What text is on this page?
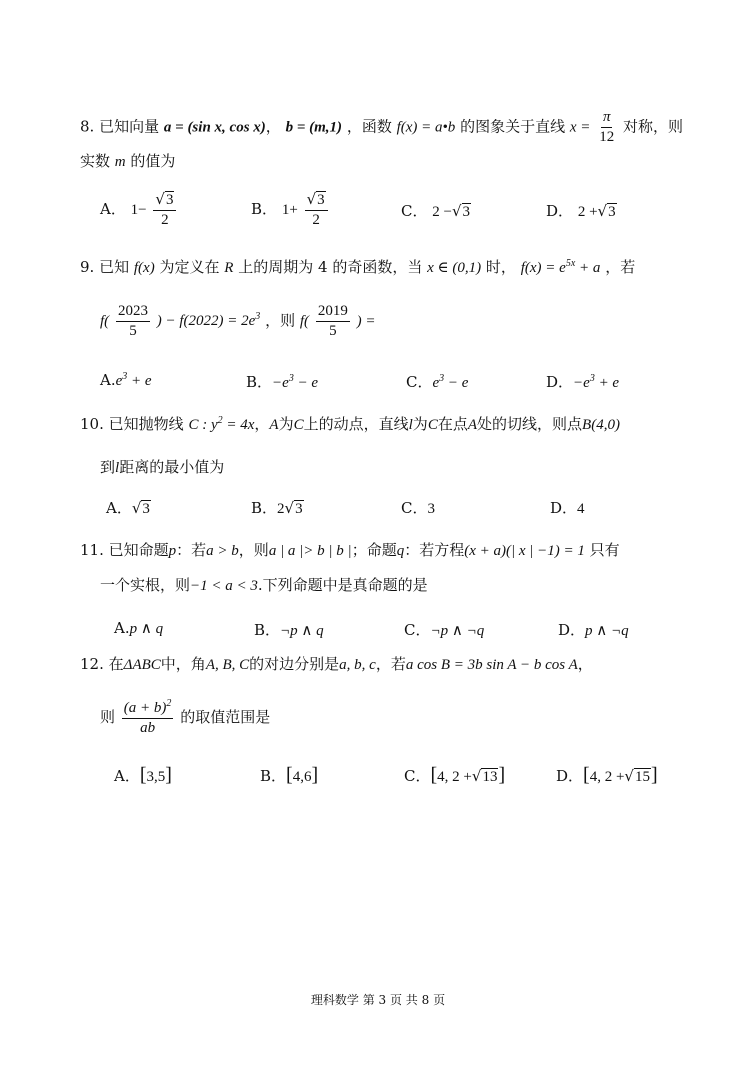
8. 已知向量 a = (sin x, cos x)， b = (m,1) ，函数 f(x) = a•b 的图象关于直线 $x = \frac{\pi}{12}$ 对称，则
实数 m 的值为
A． $1- \frac{√3}{2}$	B． $1+ \frac{√3}{2}$	C． 2 −√3	D． 2 +√3
9. 已知 f(x) 为定义在 R 上的周期为 4 的奇函数，当 x ∈ (0,1) 时， $f(x) = e^{5x} + a$ ，若
$f( \frac{2023}{5}$ ) − $f(2022) = 2e^3$ ，则 $f( \frac{2019}{5}$ ) =
$A.e^3 + e$	B．$-e^3 - e$	C．$e^3 - e$	D．$-e^3 + e$
10. 已知抛物线 C : $y^2 = 4x$，A为C上的动点，直线l为C在点A处的切线，则点B(4,0)
到l距离的最小值为
A．√3	B．2√3	C．3	D．4
11. 已知命题p：若a > b，则a | a |> b | b |；命题q：若方程(x + a)(| x | −1) = 1 只有
一个实根，则−1 < a < 3.下列命题中是真命题的是
A.p ∧ q	B．¬p ∧ q	C．¬p ∧ ¬q	D．p ∧ ¬q
12. 在ΔABC中，角A, B, C的对边分别是a, b, c，若a cos B = 3b sin A − b cos A，
则 $\frac{(a + b)^2}{ab}$ 的取值范围是
A．[3,5]	B．[4,6]	C．[4, 2 +√13]	D．[4, 2 +√15]
理科数学 第 3 页 共 8 页
